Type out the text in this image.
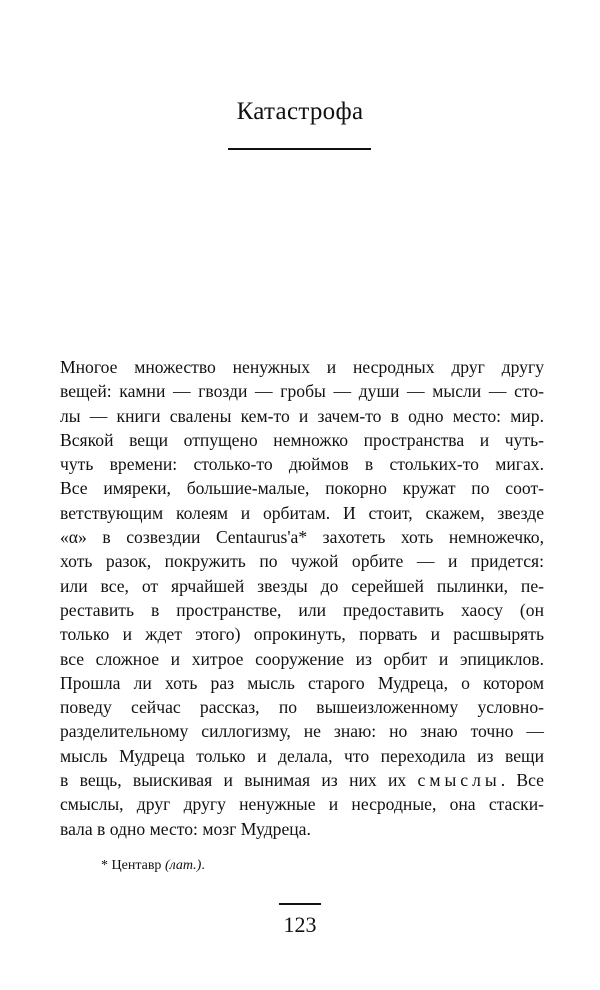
Катастрофа
Многое множество ненужных и несродных друг другу
вещей: камни — гвозди — гробы — души — мысли — сто-
лы — книги свалены кем-то и зачем-то в одно место: мир.
Всякой вещи отпущено немножко пространства и чуть-
чуть времени: столько-то дюймов в стольких-то мигах.
Все имяреки, большие-малые, покорно кружат по соот-
ветствующим колеям и орбитам. И стоит, скажем, звезде
«α» в созвездии Centaurus'a* захотеть хоть немножечко,
хоть разок, покружить по чужой орбите — и придется:
или все, от ярчайшей звезды до серейшей пылинки, пе-
реставить в пространстве, или предоставить хаосу (он
только и ждет этого) опрокинуть, порвать и расшвырять
все сложное и хитрое сооружение из орбит и эпициклов.
Прошла ли хоть раз мысль старого Мудреца, о котором
поведу сейчас рассказ, по вышеизложенному условно-
разделительному силлогизму, не знаю: но знаю точно —
мысль Мудреца только и делала, что переходила из вещи
в вещь, выискивая и вынимая из них их смыслы. Все
смыслы, друг другу ненужные и несродные, она стаски-
вала в одно место: мозг Мудреца.
* Центавр (лат.).
123
